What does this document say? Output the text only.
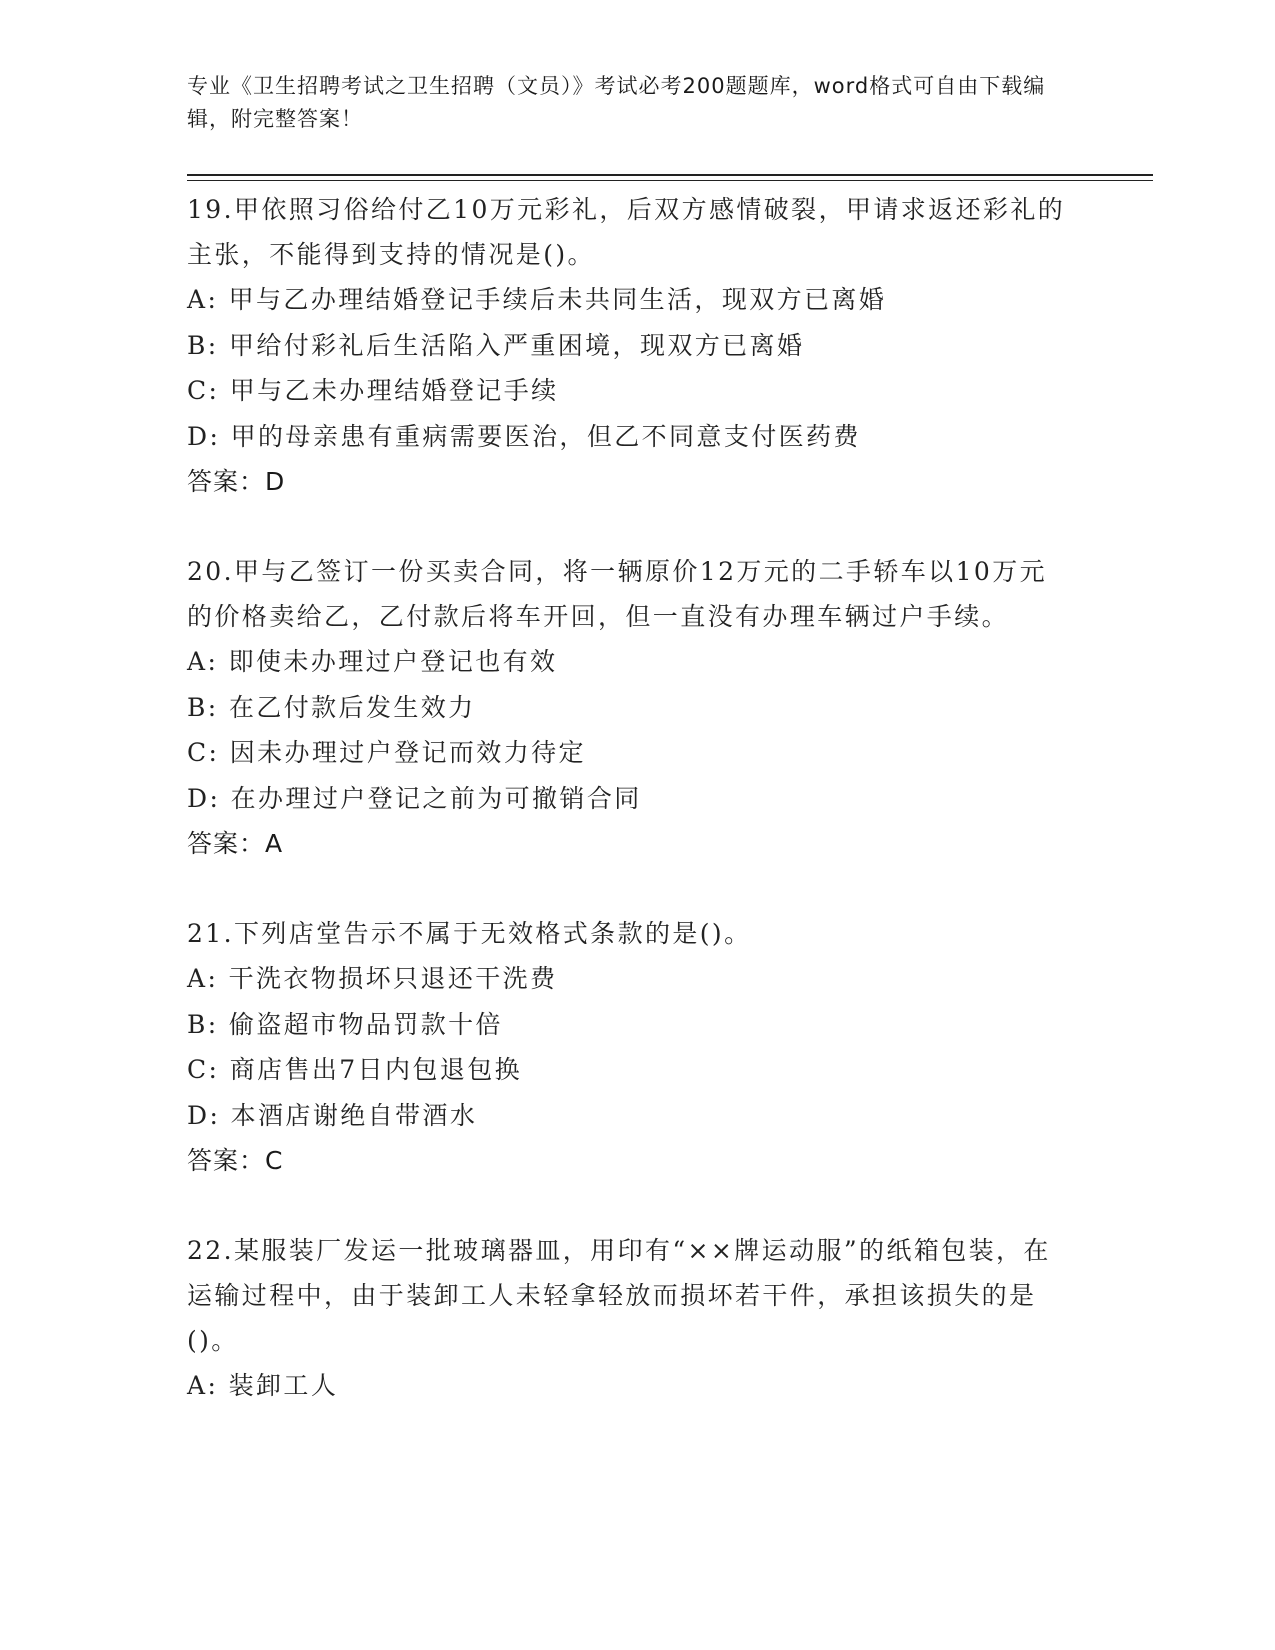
专业《卫生招聘考试之卫生招聘（文员）》考试必考200题题库，word格式可自由下载编辑，附完整答案！

19.甲依照习俗给付乙10万元彩礼，后双方感情破裂，甲请求返还彩礼的主张，不能得到支持的情况是()。

A: 甲与乙办理结婚登记手续后未共同生活，现双方已离婚

B: 甲给付彩礼后生活陷入严重困境，现双方已离婚

C: 甲与乙未办理结婚登记手续

D: 甲的母亲患有重病需要医治，但乙不同意支付医药费

答案：D

20.甲与乙签订一份买卖合同，将一辆原价12万元的二手轿车以10万元的价格卖给乙，乙付款后将车开回，但一直没有办理车辆过户手续。

A: 即使未办理过户登记也有效

B: 在乙付款后发生效力

C: 因未办理过户登记而效力待定

D: 在办理过户登记之前为可撤销合同

答案：A

21.下列店堂告示不属于无效格式条款的是()。

A: 干洗衣物损坏只退还干洗费

B: 偷盗超市物品罚款十倍

C: 商店售出7日内包退包换

D: 本酒店谢绝自带酒水

答案：C

22.某服装厂发运一批玻璃器皿，用印有“××牌运动服”的纸箱包装，在运输过程中，由于装卸工人未轻拿轻放而损坏若干件，承担该损失的是()。

A: 装卸工人
